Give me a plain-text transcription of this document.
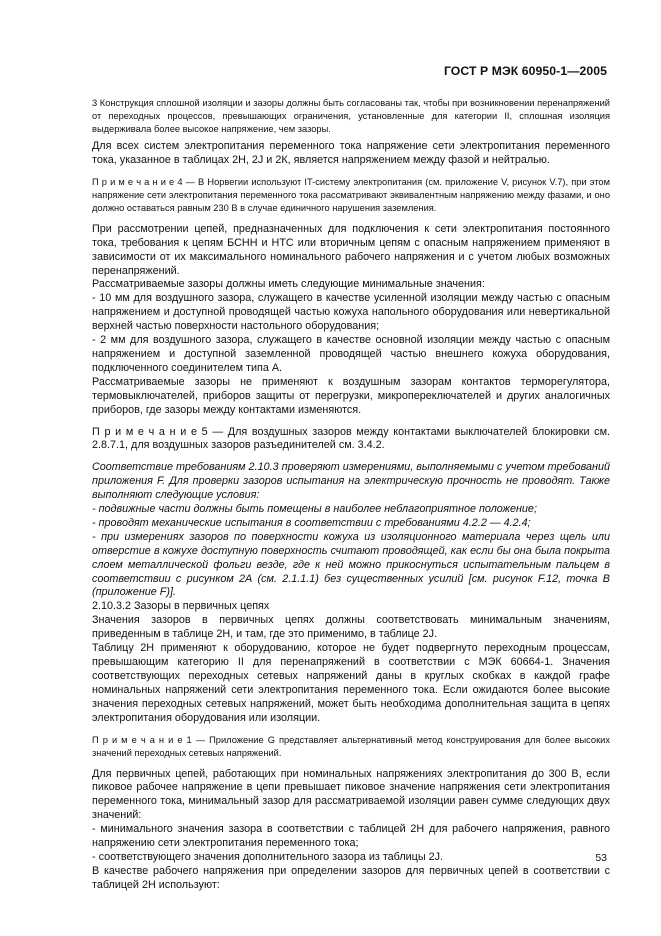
ГОСТ Р МЭК 60950-1—2005

3 Конструкция сплошной изоляции и зазоры должны быть согласованы так, чтобы при возникновении перенапряжений от переходных процессов, превышающих ограничения, установленные для категории II, сплошная изоляция выдерживала более высокое напряжение, чем зазоры.

Для всех систем электропитания переменного тока напряжение сети электропитания переменного тока, указанное в таблицах 2Н, 2J и 2К, является напряжением между фазой и нейтралью.

П р и м е ч а н и е 4 — В Норвегии используют IT-систему электропитания (см. приложение V, рисунок V.7), при этом напряжение сети электропитания переменного тока рассматривают эквивалентным напряжению между фазами, и оно должно оставаться равным 230 В в случае единичного нарушения заземления.

При рассмотрении цепей, предназначенных для подключения к сети электропитания постоянного тока, требования к цепям БСНН и НТС или вторичным цепям с опасным напряжением применяют в зависимости от их максимального номинального рабочего напряжения и с учетом любых возможных перенапряжений.

Рассматриваемые зазоры должны иметь следующие минимальные значения:

- 10 мм для воздушного зазора, служащего в качестве усиленной изоляции между частью с опасным напряжением и доступной проводящей частью кожуха напольного оборудования или невертикальной верхней частью поверхности настольного оборудования;

- 2 мм для воздушного зазора, служащего в качестве основной изоляции между частью с опасным напряжением и доступной заземленной проводящей частью внешнего кожуха оборудования, подключенного соединителем типа А.

Рассматриваемые зазоры не применяют к воздушным зазорам контактов терморегулятора, термовыключателей, приборов защиты от перегрузки, микропереключателей и других аналогичных приборов, где зазоры между контактами изменяются.

П р и м е ч а н и е 5 — Для воздушных зазоров между контактами выключателей блокировки см. 2.8.7.1, для воздушных зазоров разъединителей см. 3.4.2.

Соответствие требованиям 2.10.3 проверяют измерениями, выполняемыми с учетом требований приложения F. Для проверки зазоров испытания на электрическую прочность не проводят. Также выполняют следующие условия:

- подвижные части должны быть помещены в наиболее неблагоприятное положение;

- проводят механические испытания в соответствии с требованиями 4.2.2 — 4.2.4;

- при измерениях зазоров по поверхности кожуха из изоляционного материала через щель или отверстие в кожухе доступную поверхность считают проводящей, как если бы она была покрыта слоем металлической фольги везде, где к ней можно прикоснуться испытательным пальцем в соответствии с рисунком 2А (см. 2.1.1.1) без существенных усилий [см. рисунок F.12, точка В (приложение F)].

2.10.3.2 Зазоры в первичных цепях

Значения зазоров в первичных цепях должны соответствовать минимальным значениям, приведенным в таблице 2Н, и там, где это применимо, в таблице 2J.

Таблицу 2Н применяют к оборудованию, которое не будет подвергнуто переходным процессам, превышающим категорию II для перенапряжений в соответствии с МЭК 60664-1. Значения соответствующих переходных сетевых напряжений даны в круглых скобках в каждой графе номинальных напряжений сети электропитания переменного тока. Если ожидаются более высокие значения переходных сетевых напряжений, может быть необходима дополнительная защита в цепях электропитания оборудования или изоляции.

П р и м е ч а н и е 1 — Приложение G представляет альтернативный метод конструирования для более высоких значений переходных сетевых напряжений.

Для первичных цепей, работающих при номинальных напряжениях электропитания до 300 В, если пиковое рабочее напряжение в цепи превышает пиковое значение напряжения сети электропитания переменного тока, минимальный зазор для рассматриваемой изоляции равен сумме следующих двух значений:

- минимального значения зазора в соответствии с таблицей 2Н для рабочего напряжения, равного напряжению сети электропитания переменного тока;

- соответствующего значения дополнительного зазора из таблицы 2J.

В качестве рабочего напряжения при определении зазоров для первичных цепей в соответствии с таблицей 2Н используют:

53
